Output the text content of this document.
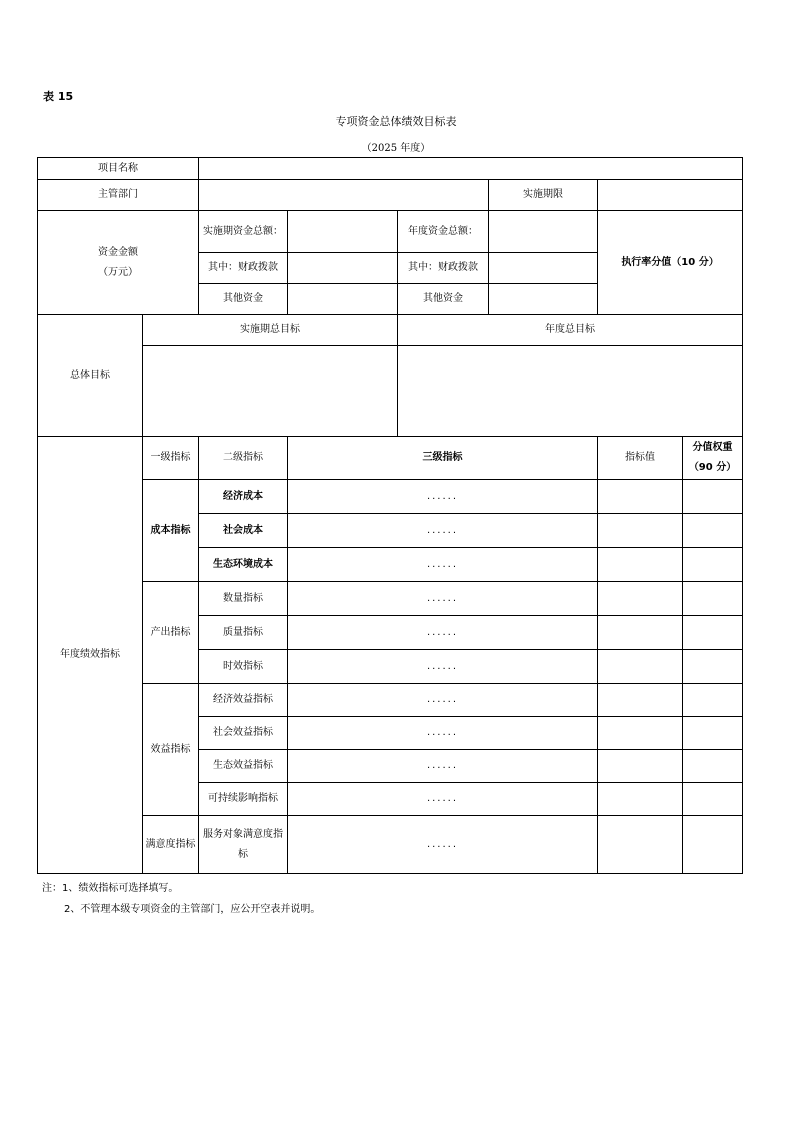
表 15
专项资金总体绩效目标表
（2025 年度）
项目名称							
主管部门					实施期限		

资金金额
（万元）		实施期资金总额：		年度资金总额：		执行率分值（10 分）	
		其中：财政拨款		其中：财政拨款			
		其他资金		其他资金			
总体目标	实施期总目标			年度总目标			

年度绩效指标	一级指标	二级指标	三级指标			指标值	分值权重（90 分）
	成本指标	经济成本	......				
		社会成本	......				
		生态环境成本	......				
	产出指标	数量指标	......				
		质量指标	......				
		时效指标	......				
	效益指标	经济效益指标	......				
		社会效益指标	......				
		生态效益指标	......				
		可持续影响指标	......				
	满意度指标	服务对象满意度指标	......				
注：1、绩效指标可选择填写。
2、不管理本级专项资金的主管部门，应公开空表并说明。
